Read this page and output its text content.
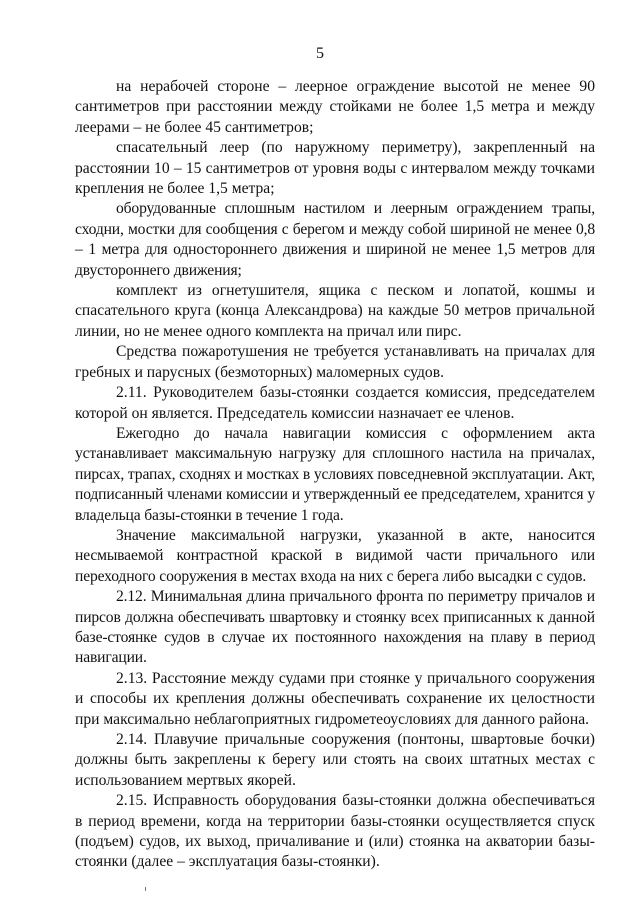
5

на нерабочей стороне – леерное ограждение высотой не менее 90 сантиметров при расстоянии между стойками не более 1,5 метра и между леерами – не более 45 сантиметров;

спасательный леер (по наружному периметру), закрепленный на расстоянии 10 – 15 сантиметров от уровня воды с интервалом между точками крепления не более 1,5 метра;

оборудованные сплошным настилом и леерным ограждением трапы, сходни, мостки для сообщения с берегом и между собой шириной не менее 0,8 – 1 метра для одностороннего движения и шириной не менее 1,5 метров для двустороннего движения;

комплект из огнетушителя, ящика с песком и лопатой, кошмы и спасательного круга (конца Александрова) на каждые 50 метров причальной линии, но не менее одного комплекта на причал или пирс.

Средства пожаротушения не требуется устанавливать на причалах для гребных и парусных (безмоторных) маломерных судов.

2.11. Руководителем базы-стоянки создается комиссия, председателем которой он является. Председатель комиссии назначает ее членов.

Ежегодно до начала навигации комиссия с оформлением акта устанавливает максимальную нагрузку для сплошного настила на причалах, пирсах, трапах, сходнях и мостках в условиях повседневной эксплуатации. Акт, подписанный членами комиссии и утвержденный ее председателем, хранится у владельца базы-стоянки в течение 1 года.

Значение максимальной нагрузки, указанной в акте, наносится несмываемой контрастной краской в видимой части причального или переходного сооружения в местах входа на них с берега либо высадки с судов.

2.12. Минимальная длина причального фронта по периметру причалов и пирсов должна обеспечивать швартовку и стоянку всех приписанных к данной базе-стоянке судов в случае их постоянного нахождения на плаву в период навигации.

2.13. Расстояние между судами при стоянке у причального сооружения и способы их крепления должны обеспечивать сохранение их целостности при максимально неблагоприятных гидрометеоусловиях для данного района.

2.14. Плавучие причальные сооружения (понтоны, швартовые бочки) должны быть закреплены к берегу или стоять на своих штатных местах с использованием мертвых якорей.

2.15. Исправность оборудования базы-стоянки должна обеспечиваться в период времени, когда на территории базы-стоянки осуществляется спуск (подъем) судов, их выход, причаливание и (или) стоянка на акватории базы-стоянки (далее – эксплуатация базы-стоянки).
